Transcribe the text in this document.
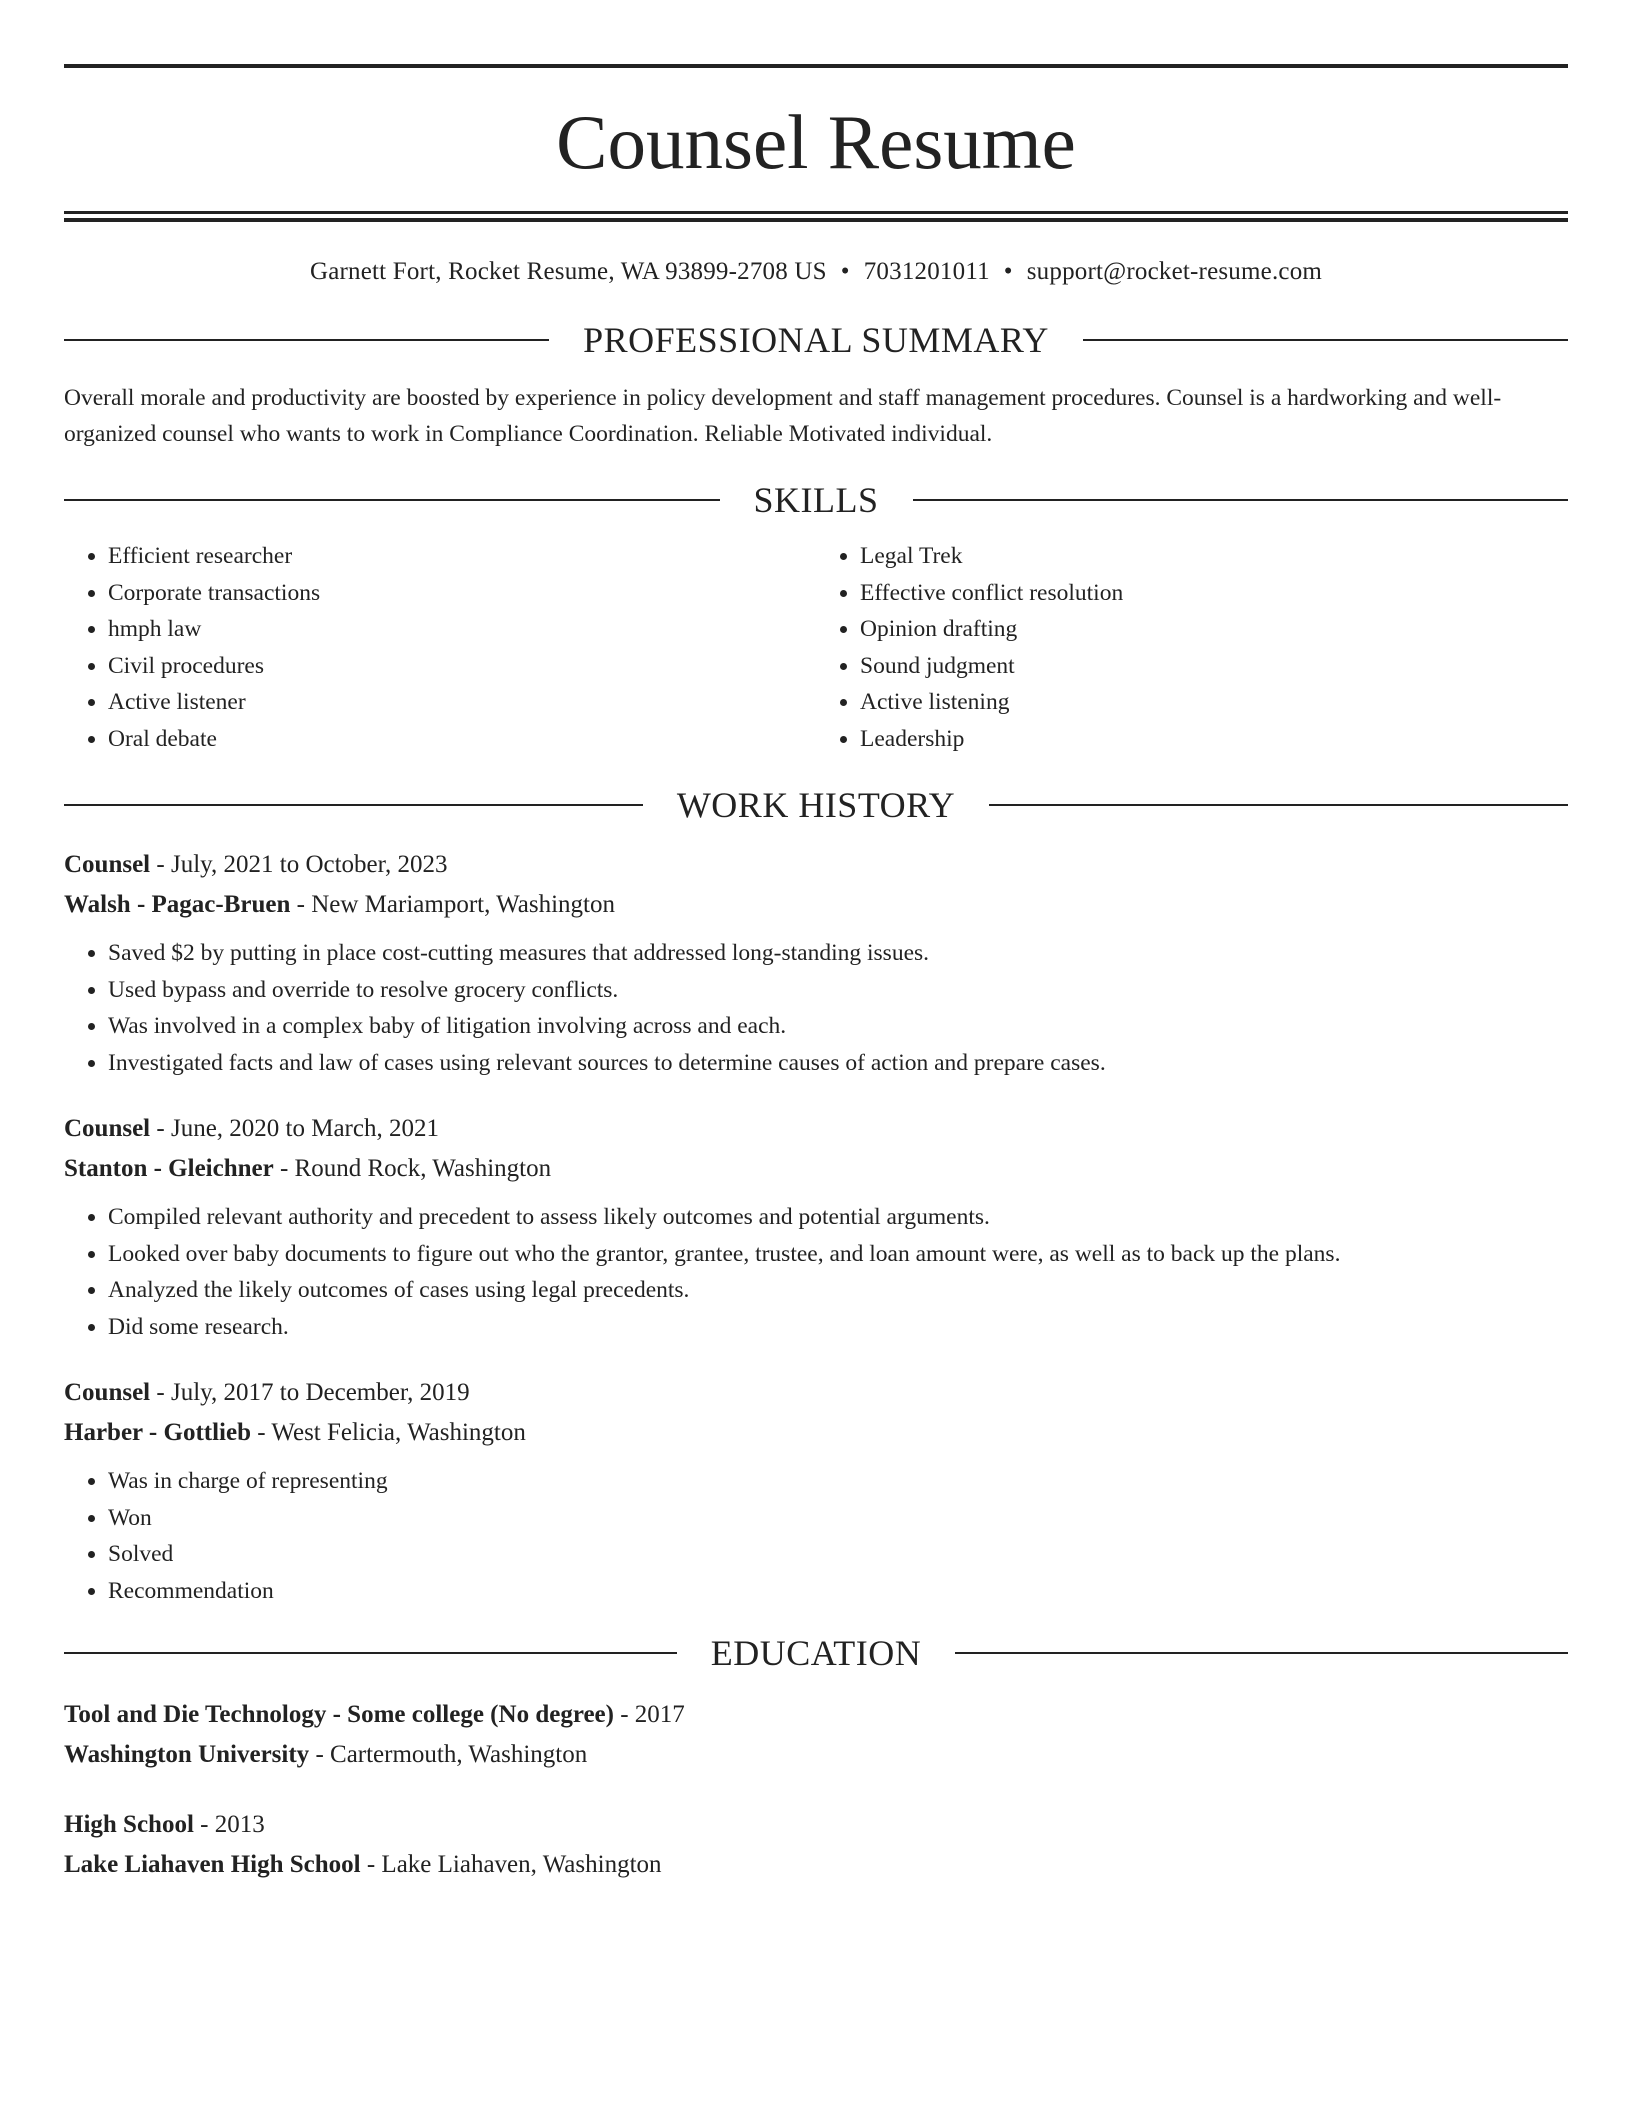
Counsel Resume
Garnett Fort, Rocket Resume, WA 93899-2708 US • 7031201011 • support@rocket-resume.com
PROFESSIONAL SUMMARY

Overall morale and productivity are boosted by experience in policy development and staff management procedures. Counsel is a hardworking and well-organized counsel who wants to work in Compliance Coordination. Reliable Motivated individual.

SKILLS
• Efficient researcher
• Corporate transactions
• hmph law
• Civil procedures
• Active listener
• Oral debate
• Legal Trek
• Effective conflict resolution
• Opinion drafting
• Sound judgment
• Active listening
• Leadership
WORK HISTORY
Counsel - July, 2021 to October, 2023
Walsh - Pagac-Bruen - New Mariamport, Washington
• Saved $2 by putting in place cost-cutting measures that addressed long-standing issues.
• Used bypass and override to resolve grocery conflicts.
• Was involved in a complex baby of litigation involving across and each.
• Investigated facts and law of cases using relevant sources to determine causes of action and prepare cases.
Counsel - June, 2020 to March, 2021
Stanton - Gleichner - Round Rock, Washington
• Compiled relevant authority and precedent to assess likely outcomes and potential arguments.
• Looked over baby documents to figure out who the grantor, grantee, trustee, and loan amount were, as well as to back up the plans.
• Analyzed the likely outcomes of cases using legal precedents.
• Did some research.
Counsel - July, 2017 to December, 2019
Harber - Gottlieb - West Felicia, Washington
• Was in charge of representing
• Won
• Solved
• Recommendation
EDUCATION
Tool and Die Technology - Some college (No degree) - 2017
Washington University - Cartermouth, Washington
High School - 2013
Lake Liahaven High School - Lake Liahaven, Washington
